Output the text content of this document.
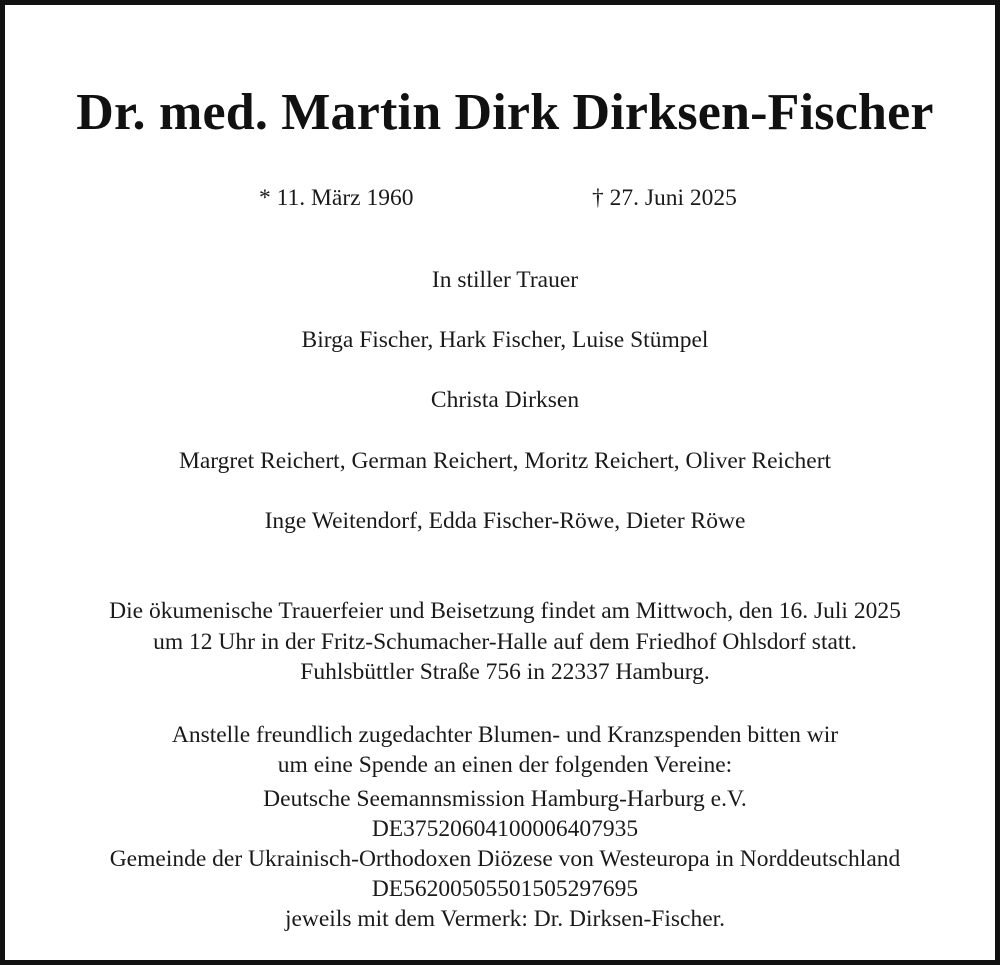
Dr. med. Martin Dirk Dirksen-Fischer
* 11. März 1960	† 27. Juni 2025
In stiller Trauer
Birga Fischer, Hark Fischer, Luise Stümpel
Christa Dirksen
Margret Reichert, German Reichert, Moritz Reichert, Oliver Reichert
Inge Weitendorf, Edda Fischer-Röwe, Dieter Röwe
Die ökumenische Trauerfeier und Beisetzung findet am Mittwoch, den 16. Juli 2025
um 12 Uhr in der Fritz-Schumacher-Halle auf dem Friedhof Ohlsdorf statt.
Fuhlsbüttler Straße 756 in 22337 Hamburg.
Anstelle freundlich zugedachter Blumen- und Kranzspenden bitten wir
um eine Spende an einen der folgenden Vereine:
Deutsche Seemannsmission Hamburg-Harburg e.V.
DE37520604100006407935
Gemeinde der Ukrainisch-Orthodoxen Diözese von Westeuropa in Norddeutschland
DE56200505501505297695
jeweils mit dem Vermerk: Dr. Dirksen-Fischer.
